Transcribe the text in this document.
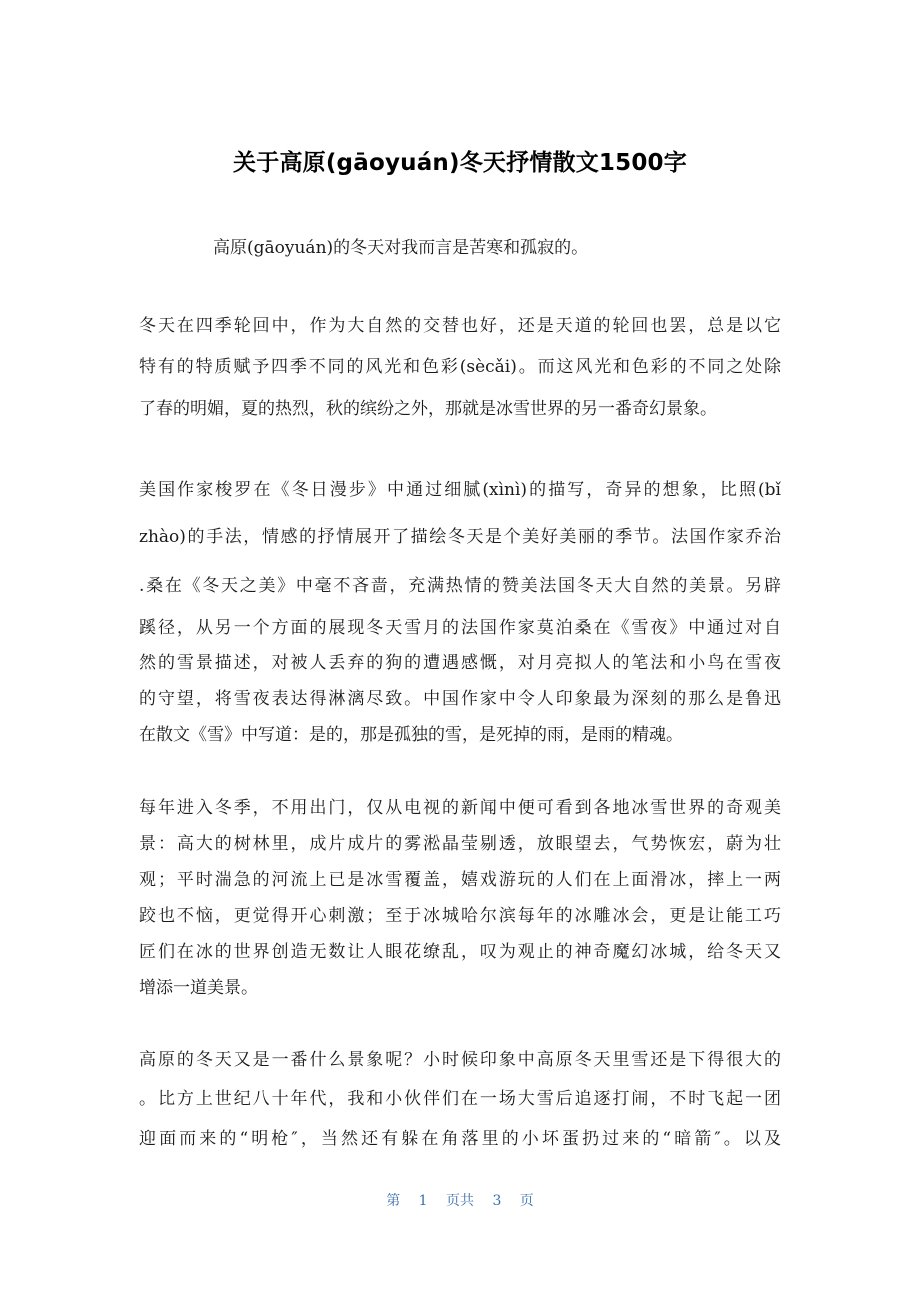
关于高原(gāoyuán)冬天抒情散文1500字
高原(gāoyuán)的冬天对我而言是苦寒和孤寂的。
冬天在四季轮回中，作为大自然的交替也好，还是天道的轮回也罢，总是以它
特有的特质赋予四季不同的风光和色彩(sècǎi)。而这风光和色彩的不同之处除
了春的明媚，夏的热烈，秋的缤纷之外，那就是冰雪世界的另一番奇幻景象。
美国作家梭罗在《冬日漫步》中通过细腻(xìnì)的描写，奇异的想象，比照(bǐ
zhào)的手法，情感的抒情展开了描绘冬天是个美好美丽的季节。法国作家乔治
.桑在《冬天之美》中毫不吝啬，充满热情的赞美法国冬天大自然的美景。另辟
蹊径，从另一个方面的展现冬天雪月的法国作家莫泊桑在《雪夜》中通过对自
然的雪景描述，对被人丢弃的狗的遭遇感慨，对月亮拟人的笔法和小鸟在雪夜
的守望，将雪夜表达得淋漓尽致。中国作家中令人印象最为深刻的那么是鲁迅
在散文《雪》中写道：是的，那是孤独的雪，是死掉的雨，是雨的精魂。
每年进入冬季，不用出门，仅从电视的新闻中便可看到各地冰雪世界的奇观美
景：高大的树林里，成片成片的雾淞晶莹剔透，放眼望去，气势恢宏，蔚为壮
观；平时湍急的河流上已是冰雪覆盖，嬉戏游玩的人们在上面滑冰，摔上一两
跤也不恼，更觉得开心刺激；至于冰城哈尔滨每年的冰雕冰会，更是让能工巧
匠们在冰的世界创造无数让人眼花缭乱，叹为观止的神奇魔幻冰城，给冬天又
增添一道美景。
高原的冬天又是一番什么景象呢？小时候印象中高原冬天里雪还是下得很大的
。比方上世纪八十年代，我和小伙伴们在一场大雪后追逐打闹，不时飞起一团
迎面而来的“明枪″，当然还有躲在角落里的小坏蛋扔过来的“暗箭″。以及
第 1 页共 3 页
